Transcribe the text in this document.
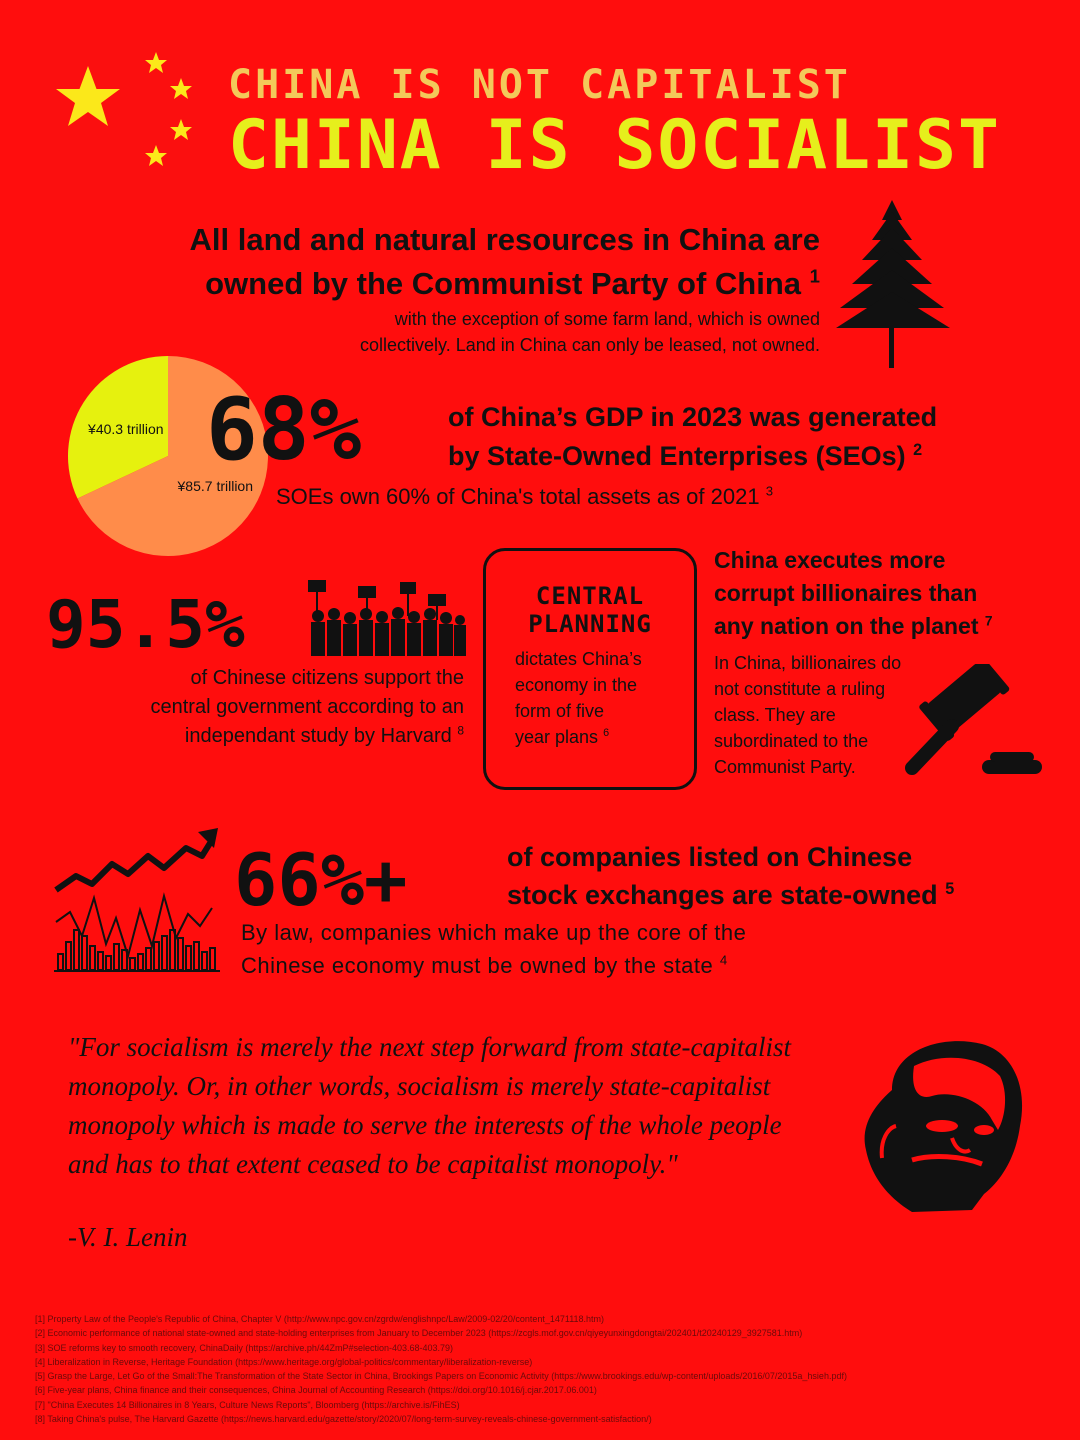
CHINA IS NOT CAPITALIST
CHINA IS SOCIALIST
All land and natural resources in China are
owned by the Communist Party of China $^1$
with the exception of some farm land, which is owned
collectively. Land in China can only be leased, not owned.
¥40.3 trillion
¥85.7 trillion
68%	of China’s GDP in 2023 was generated
by State-Owned Enterprises (SEOs) $^2$
SOEs own 60% of China's total assets as of 2021 $^3$
95.5%
of Chinese citizens support the
central government according to an
independant study by Harvard $^8$
CENTRAL
PLANNING
dictates China’s
economy in the
form of five
year plans $^6$
China executes more
corrupt billionaires than
any nation on the planet $^7$
In China, billionaires do
not constitute a ruling
class. They are
subordinated to the
Communist Party.
66%+	of companies listed on Chinese
stock exchanges are state-owned $^5$
By law, companies which make up the core of the
Chinese economy must be owned by the state $^4$
"For socialism is merely the next step forward from state-capitalist
monopoly. Or, in other words, socialism is merely state-capitalist
monopoly which is made to serve the interests of the whole people
and has to that extent ceased to be capitalist monopoly."
-V. I. Lenin
[1] Property Law of the People's Republic of China, Chapter V (http://www.npc.gov.cn/zgrdw/englishnpc/Law/2009-02/20/content_1471118.htm)
[2] Economic performance of national state-owned and state-holding enterprises from January to December 2023 (https://zcgls.mof.gov.cn/qiyeyunxingdongtai/202401/t20240129_3927581.htm)
[3] SOE reforms key to smooth recovery, ChinaDaily (https://archive.ph/44ZmP#selection-403.68-403.79)
[4] Liberalization in Reverse, Heritage Foundation (https://www.heritage.org/global-politics/commentary/liberalization-reverse)
[5] Grasp the Large, Let Go of the Small:The Transformation of the State Sector in China, Brookings Papers on Economic Activity (https://www.brookings.edu/wp-content/uploads/2016/07/2015a_hsieh.pdf)
[6] Five-year plans, China finance and their consequences, China Journal of Accounting Research (https://doi.org/10.1016/j.cjar.2017.06.001)
[7] "China Executes 14 Billionaires in 8 Years, Culture News Reports", Bloomberg (https://archive.is/FihES)
[8] Taking China's pulse, The Harvard Gazette (https://news.harvard.edu/gazette/story/2020/07/long-term-survey-reveals-chinese-government-satisfaction/)
